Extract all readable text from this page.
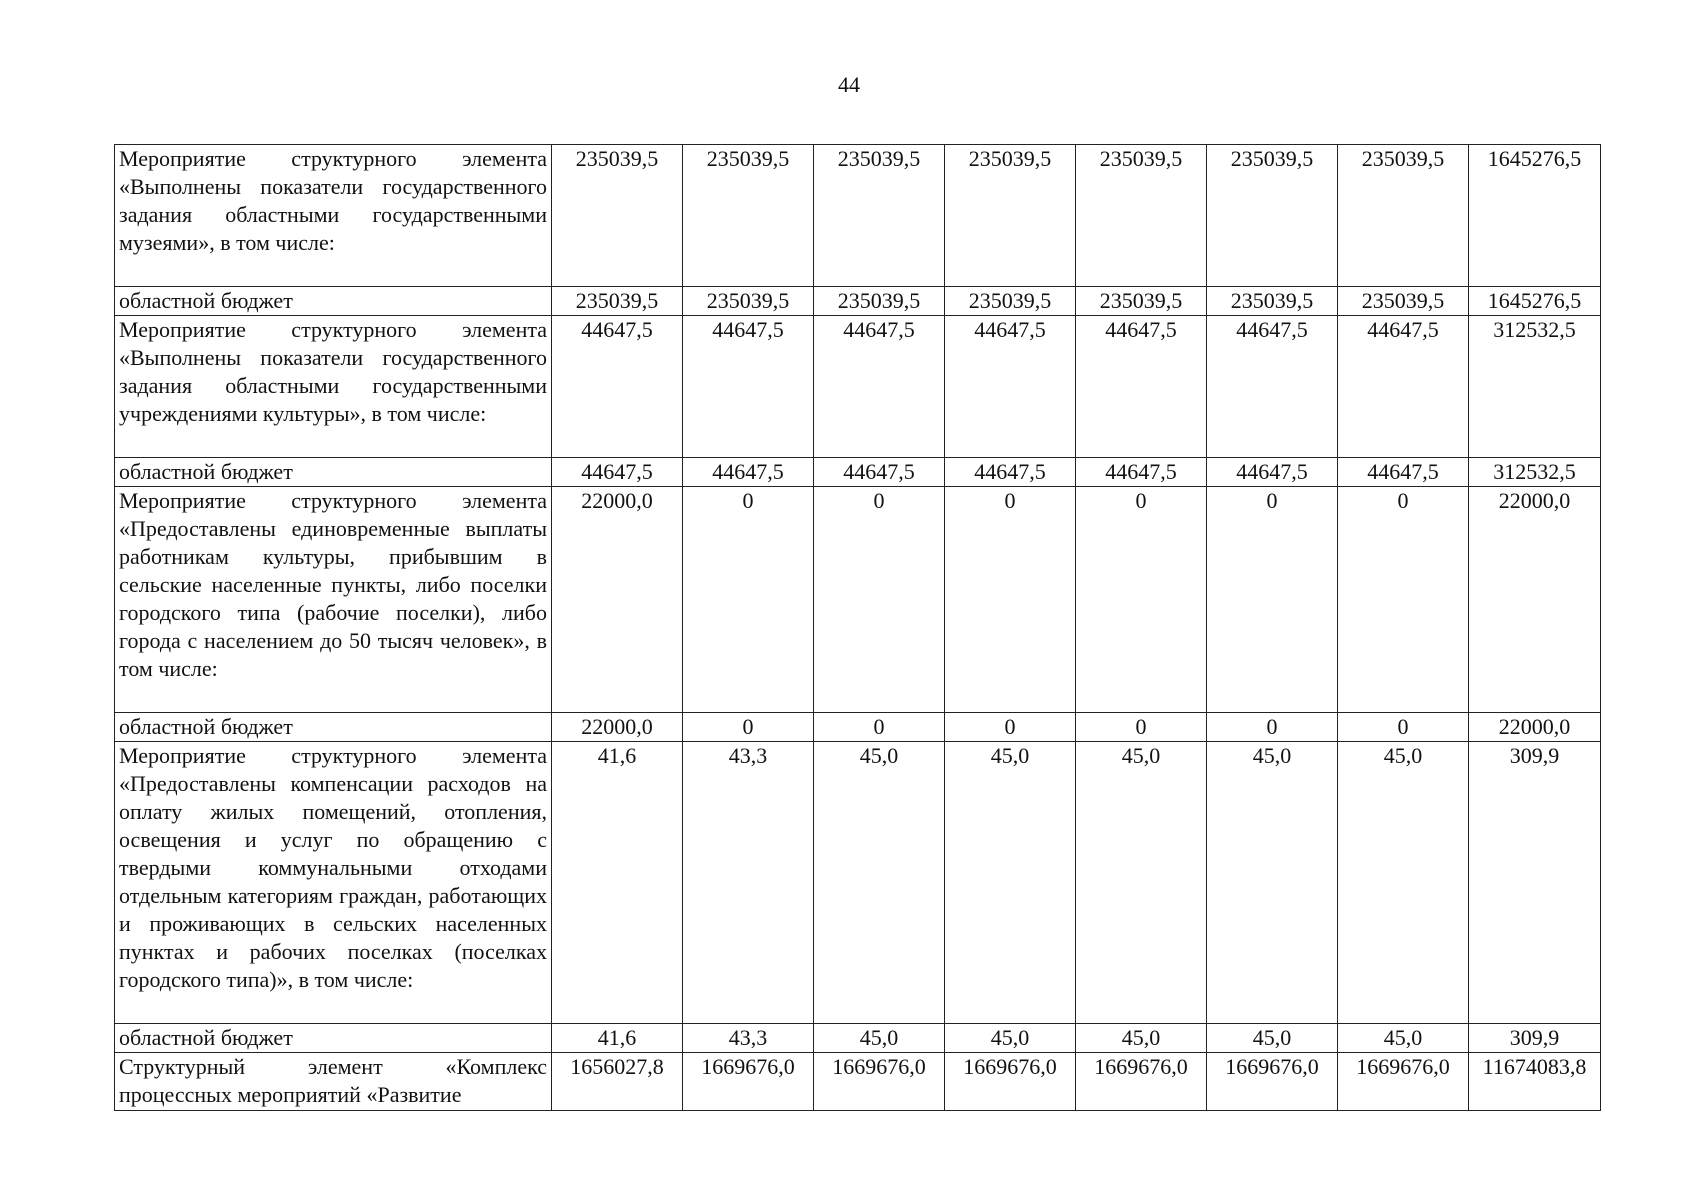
44
Мероприятие структурного элемента «Выполнены показатели государственного задания областными государственными музеями», в том числе:	235039,5	235039,5	235039,5	235039,5	235039,5	235039,5	235039,5	1645276,5
областной бюджет	235039,5	235039,5	235039,5	235039,5	235039,5	235039,5	235039,5	1645276,5
Мероприятие структурного элемента «Выполнены показатели государственного задания областными государственными учреждениями культуры», в том числе:	44647,5	44647,5	44647,5	44647,5	44647,5	44647,5	44647,5	312532,5
областной бюджет	44647,5	44647,5	44647,5	44647,5	44647,5	44647,5	44647,5	312532,5
Мероприятие структурного элемента «Предоставлены единовременные выплаты работникам культуры, прибывшим в сельские населенные пункты, либо поселки городского типа (рабочие поселки), либо города с населением до 50 тысяч человек», в том числе:	22000,0	0	0	0	0	0	0	22000,0
областной бюджет	22000,0	0	0	0	0	0	0	22000,0
Мероприятие структурного элемента «Предоставлены компенсации расходов на оплату жилых помещений, отопления, освещения и услуг по обращению с твердыми коммунальными отходами отдельным категориям граждан, работающих и проживающих в сельских населенных пунктах и рабочих поселках (поселках городского типа)», в том числе:	41,6	43,3	45,0	45,0	45,0	45,0	45,0	309,9
областной бюджет	41,6	43,3	45,0	45,0	45,0	45,0	45,0	309,9
Структурный элемент «Комплекс процессных мероприятий «Развитие	1656027,8	1669676,0	1669676,0	1669676,0	1669676,0	1669676,0	1669676,0	11674083,8
